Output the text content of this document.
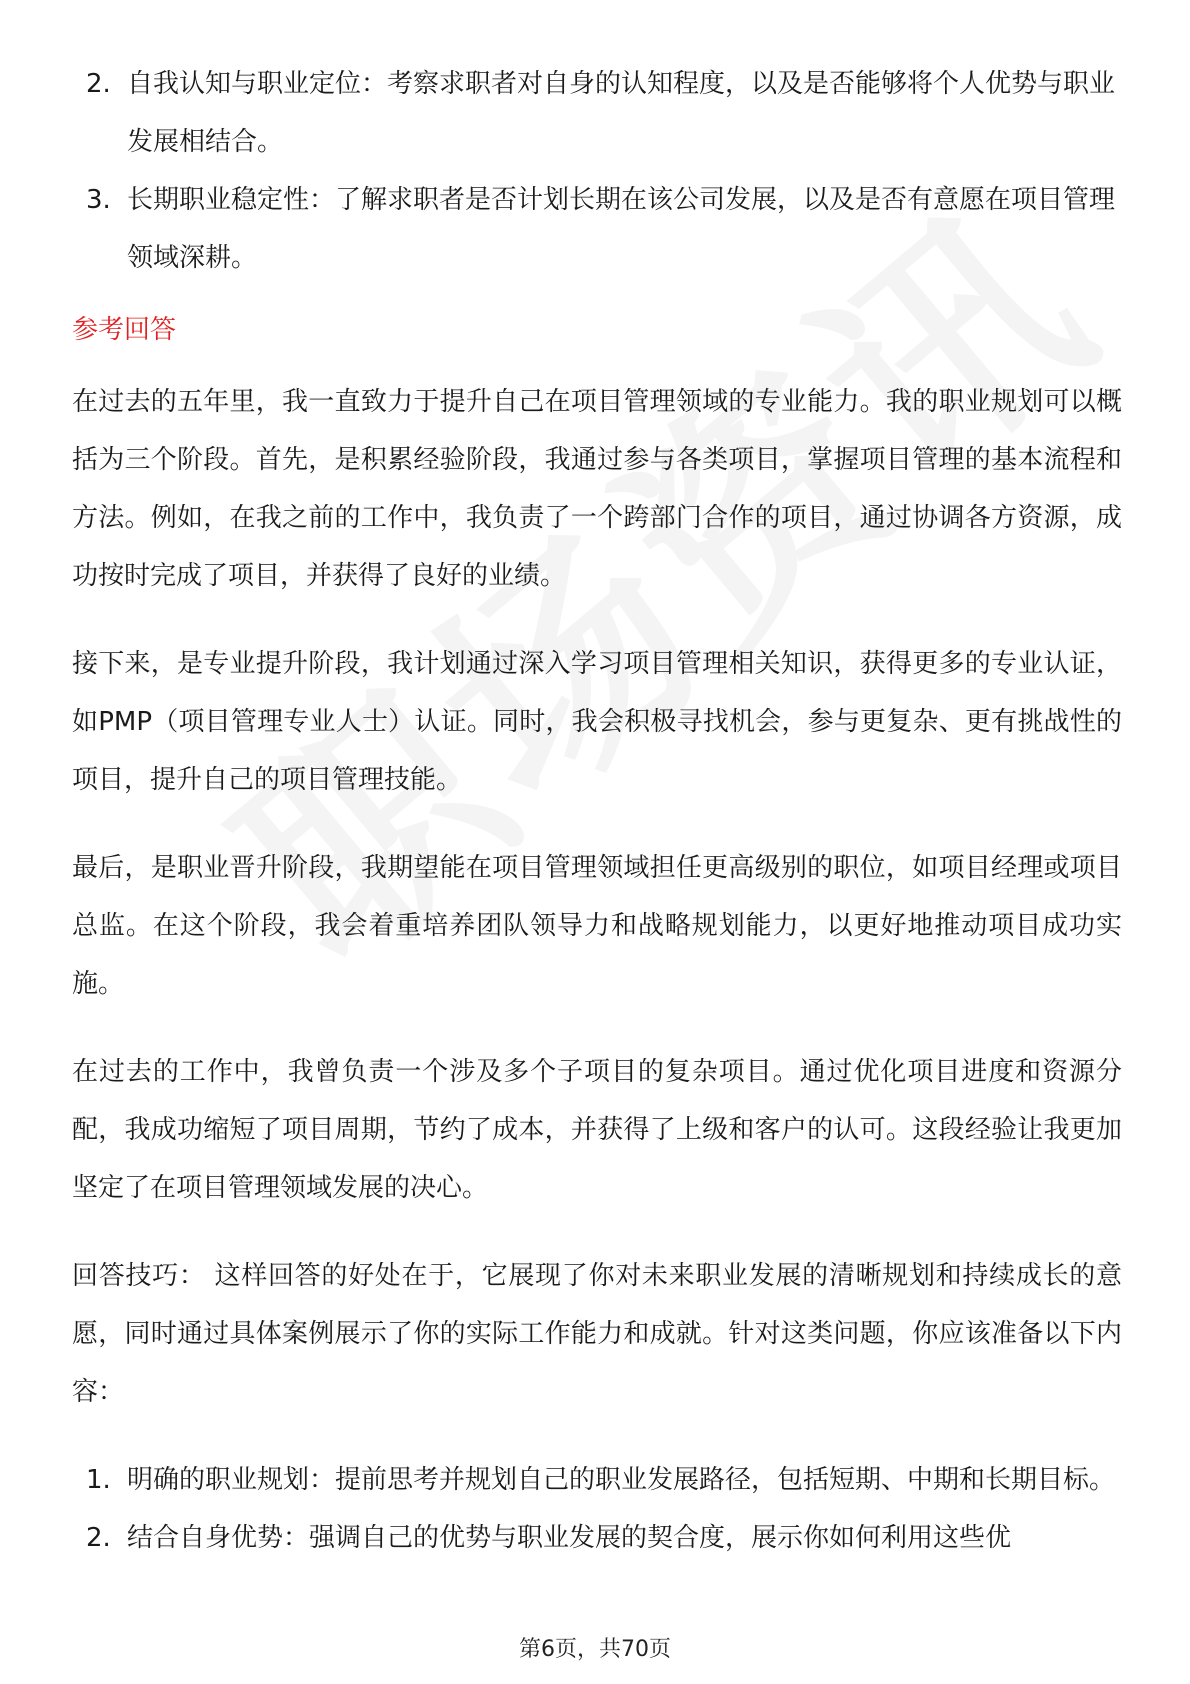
2. 自我认知与职业定位：考察求职者对自身的认知程度，以及是否能够将个人优势与职业发展相结合。
3. 长期职业稳定性：了解求职者是否计划长期在该公司发展，以及是否有意愿在项目管理领域深耕。
参考回答

在过去的五年里，我一直致力于提升自己在项目管理领域的专业能力。我的职业规划可以概括为三个阶段。首先，是积累经验阶段，我通过参与各类项目，掌握项目管理的基本流程和方法。例如，在我之前的工作中，我负责了一个跨部门合作的项目，通过协调各方资源，成功按时完成了项目，并获得了良好的业绩。

接下来，是专业提升阶段，我计划通过深入学习项目管理相关知识，获得更多的专业认证，如PMP（项目管理专业人士）认证。同时，我会积极寻找机会，参与更复杂、更有挑战性的项目，提升自己的项目管理技能。

最后，是职业晋升阶段，我期望能在项目管理领域担任更高级别的职位，如项目经理或项目总监。在这个阶段，我会着重培养团队领导力和战略规划能力，以更好地推动项目成功实施。

在过去的工作中，我曾负责一个涉及多个子项目的复杂项目。通过优化项目进度和资源分配，我成功缩短了项目周期，节约了成本，并获得了上级和客户的认可。这段经验让我更加坚定了在项目管理领域发展的决心。

回答技巧： 这样回答的好处在于，它展现了你对未来职业发展的清晰规划和持续成长的意愿，同时通过具体案例展示了你的实际工作能力和成就。针对这类问题，你应该准备以下内容：

1. 明确的职业规划：提前思考并规划自己的职业发展路径，包括短期、中期和长期目标。
2. 结合自身优势：强调自己的优势与职业发展的契合度，展示你如何利用这些优
第6页，共70页
